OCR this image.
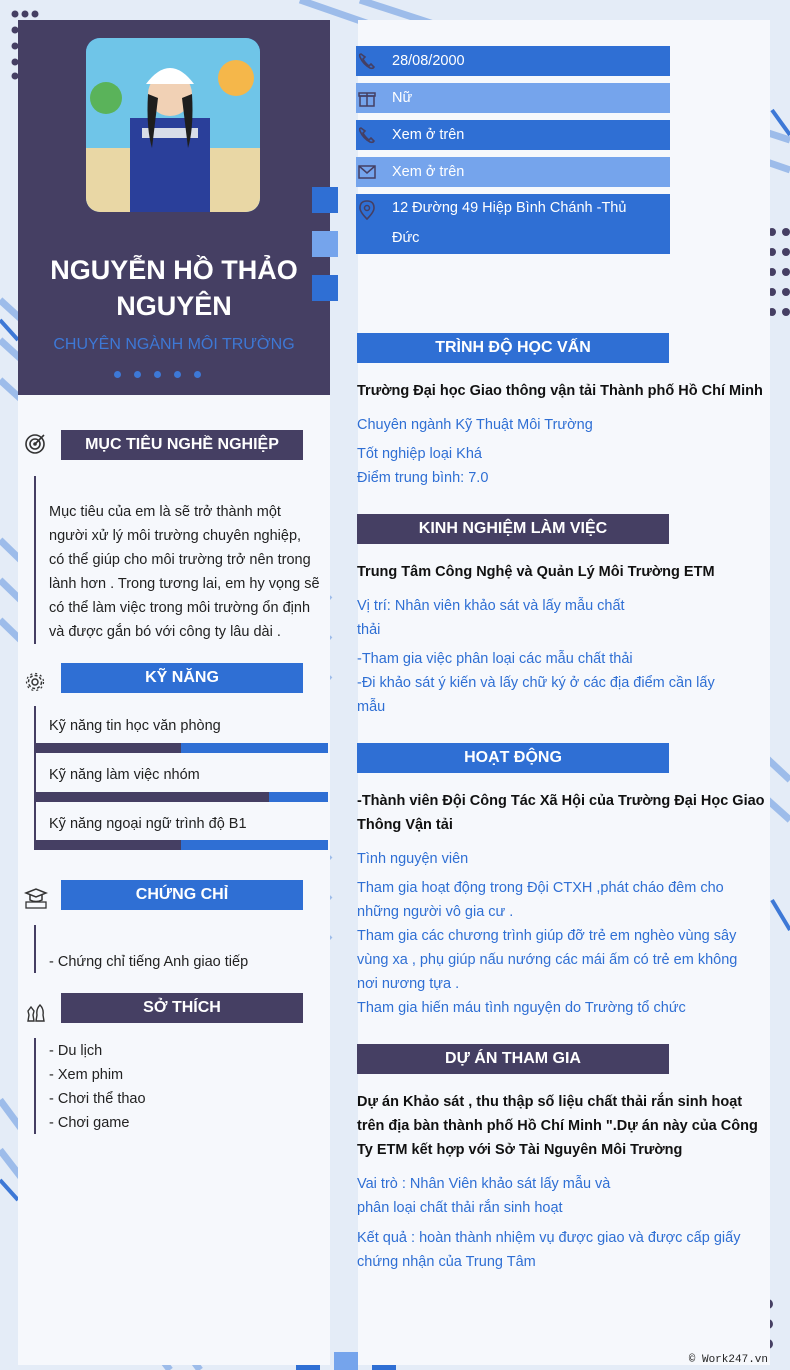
NGUYỄN HỒ THẢO
NGUYÊN
CHUYÊN NGÀNH MÔI TRƯỜNG
28/08/2000
Nữ
Xem ở trên
Xem ở trên
12 Đường 49 Hiệp Bình Chánh -Thủ
Đức
MỤC TIÊU NGHỀ NGHIỆP
Mục tiêu của em là sẽ trở thành một
người xử lý môi trường chuyên nghiệp,
có thể giúp cho môi trường trở nên trong
lành hơn . Trong tương lai, em hy vọng sẽ
có thể làm việc trong môi trường ổn định
và được gắn bó với công ty lâu dài .
KỸ NĂNG
Kỹ năng tin học văn phòng
Kỹ năng làm việc nhóm
Kỹ năng ngoại ngữ trình độ B1
CHỨNG CHỈ
- Chứng chỉ tiếng Anh giao tiếp
SỞ THÍCH
- Du lịch
- Xem phim
- Chơi thể thao
- Chơi game
TRÌNH ĐỘ HỌC VẤN
Trường Đại học Giao thông vận tải Thành phố Hồ Chí Minh
Chuyên ngành Kỹ Thuật Môi Trường
Tốt nghiệp loại Khá
Điểm trung bình: 7.0
KINH NGHIỆM LÀM VIỆC
Trung Tâm Công Nghệ và Quản Lý Môi Trường ETM
Vị trí: Nhân viên khảo sát và lấy mẫu chất
thải
-Tham gia việc phân loại các mẫu chất thải
-Đi khảo sát ý kiến và lấy chữ ký ở các địa điểm cần lấy
mẫu
HOẠT ĐỘNG
-Thành viên Đội Công Tác Xã Hội của Trường Đại Học Giao
Thông Vận tải
Tình nguyện viên
Tham gia hoạt động trong Đội CTXH ,phát cháo đêm cho
những người vô gia cư .
Tham gia các chương trình giúp đỡ trẻ em nghèo vùng sây
vùng xa , phụ giúp nấu nướng các mái ấm có trẻ em không
nơi nương tựa .
Tham gia hiến máu tình nguyện do Trường tổ chức
DỰ ÁN THAM GIA
Dự án Khảo sát , thu thập số liệu chất thải rắn sinh hoạt
trên địa bàn thành phố Hồ Chí Minh ".Dự án này của Công
Ty ETM kết hợp với Sở Tài Nguyên Môi Trường
Vai trò : Nhân Viên khảo sát lấy mẫu và
phân loại chất thải rắn sinh hoạt
Kết quả : hoàn thành nhiệm vụ được giao và được cấp giấy
chứng nhận của Trung Tâm
© Work247.vn
